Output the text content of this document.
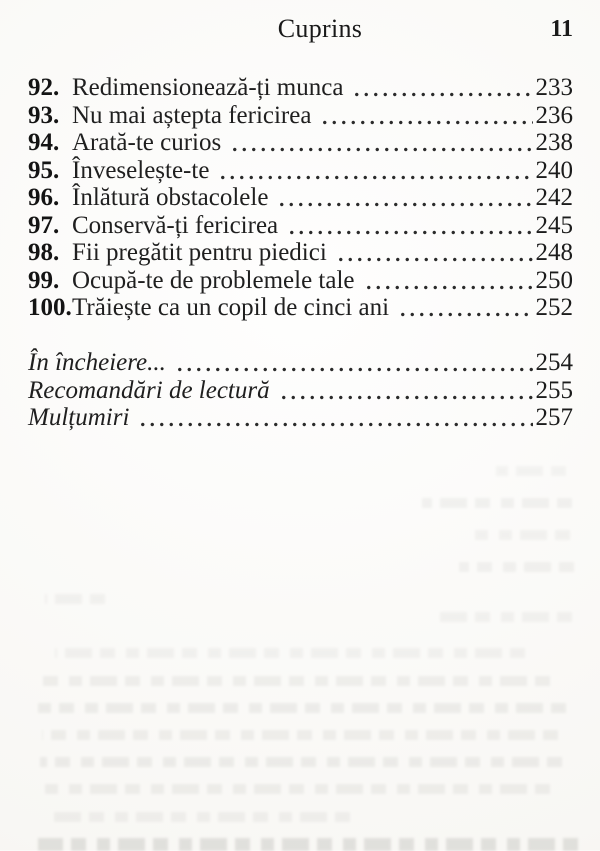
Cuprins	11
92. Redimensionează-ți munca	233
93. Nu mai aștepta fericirea	236
94. Arată-te curios	238
95. Înveselește-te	240
96. Înlătură obstacolele	242
97. Conservă-ți fericirea	245
98. Fii pregătit pentru piedici	248
99. Ocupă-te de problemele tale	250
100. Trăiește ca un copil de cinci ani	252
În încheiere...	254
Recomandări de lectură	255
Mulțumiri	257
